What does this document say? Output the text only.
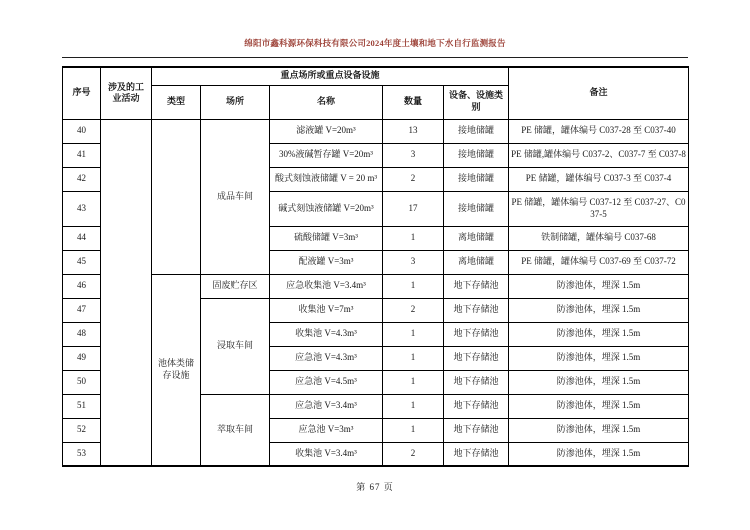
绵阳市鑫科源环保科技有限公司2024年度土壤和地下水自行监测报告
序号	涉及的工业活动	重点场所或重点设备设施					备注
		类型	场所	名称	数量	设备、设施类别	
40			成品车间	滤液罐 V=20m³	13	接地储罐	PE 储罐，罐体编号 C037-28 至 C037-40
41				30%液碱暂存罐 V=20m³	3	接地储罐	PE 储罐,罐体编号 C037-2、C037-7 至 C037-8
42				酸式刻蚀液储罐 V = 20 m³	2	接地储罐	PE 储罐，罐体编号 C037-3 至 C037-4
43				碱式刻蚀液储罐 V=20m³	17	接地储罐	PE 储罐，罐体编号 C037-12 至 C037-27、C037-5
44				硫酸储罐 V=3m³	1	离地储罐	铁制储罐，罐体编号 C037-68
45				配液罐 V=3m³	3	离地储罐	PE 储罐，罐体编号 C037-69 至 C037-72
46		池体类储存设施	固废贮存区	应急收集池 V=3.4m³	1	地下存储池	防渗池体，埋深 1.5m
47			浸取车间	收集池 V=7m³	2	地下存储池	防渗池体，埋深 1.5m
48				收集池 V=4.3m³	1	地下存储池	防渗池体，埋深 1.5m
49				应急池 V=4.3m³	1	地下存储池	防渗池体，埋深 1.5m
50				应急池 V=4.5m³	1	地下存储池	防渗池体，埋深 1.5m
51			萃取车间	应急池 V=3.4m³	1	地下存储池	防渗池体，埋深 1.5m
52				应急池 V=3m³	1	地下存储池	防渗池体，埋深 1.5m
53				收集池 V=3.4m³	2	地下存储池	防渗池体，埋深 1.5m
第 67 页
